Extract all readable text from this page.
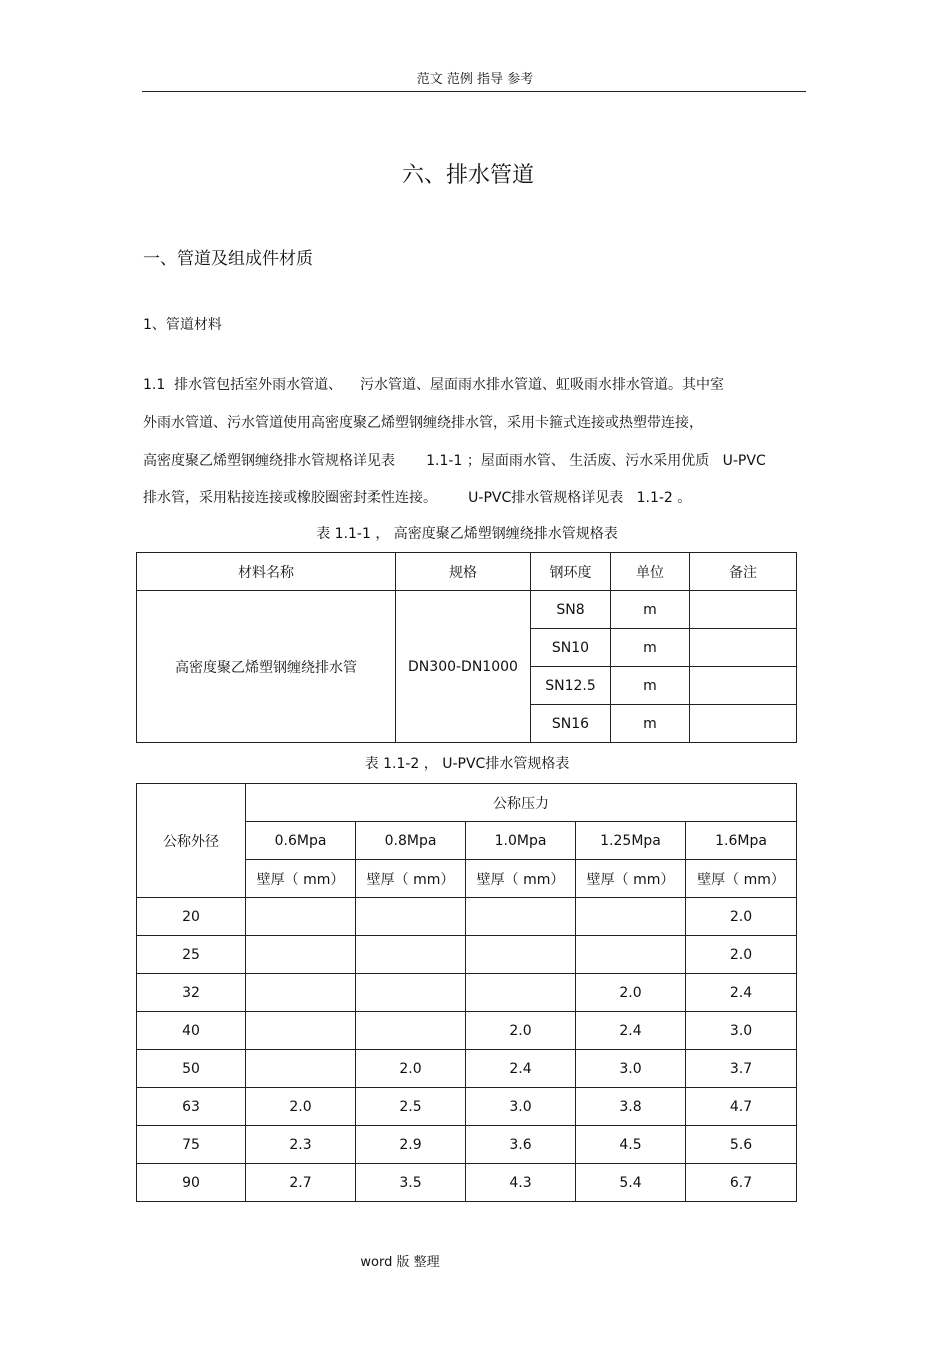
范文 范例 指导 参考
六、排水管道
一、管道及组成件材质
1、管道材料
1.1  排水管包括室外雨水管道、    污水管道、屋面雨水排水管道、虹吸雨水排水管道。其中室
外雨水管道、污水管道使用高密度聚乙烯塑钢缠绕排水管，采用卡箍式连接或热塑带连接，
高密度聚乙烯塑钢缠绕排水管规格详见表       1.1-1 ；屋面雨水管、 生活废、污水采用优质   U-PVC
排水管，采用粘接连接或橡胶圈密封柔性连接。       U-PVC排水管规格详见表   1.1-2 。
表 1.1-1 ， 高密度聚乙烯塑钢缠绕排水管规格表
材料名称	规格	钢环度	单位	备注
高密度聚乙烯塑钢缠绕排水管	DN300-DN1000	SN8	m	
		SN10	m	
		SN12.5	m	
		SN16	m	
表 1.1-2 ， U-PVC排水管规格表
公称外径	公称压力				
	0.6Mpa	0.8Mpa	1.0Mpa	1.25Mpa	1.6Mpa
	壁厚（ mm）	壁厚（ mm）	壁厚（ mm）	壁厚（ mm）	壁厚（ mm）
20					2.0
25					2.0
32				2.0	2.4
40			2.0	2.4	3.0
50		2.0	2.4	3.0	3.7
63	2.0	2.5	3.0	3.8	4.7
75	2.3	2.9	3.6	4.5	5.6
90	2.7	3.5	4.3	5.4	6.7
word 版 整理
